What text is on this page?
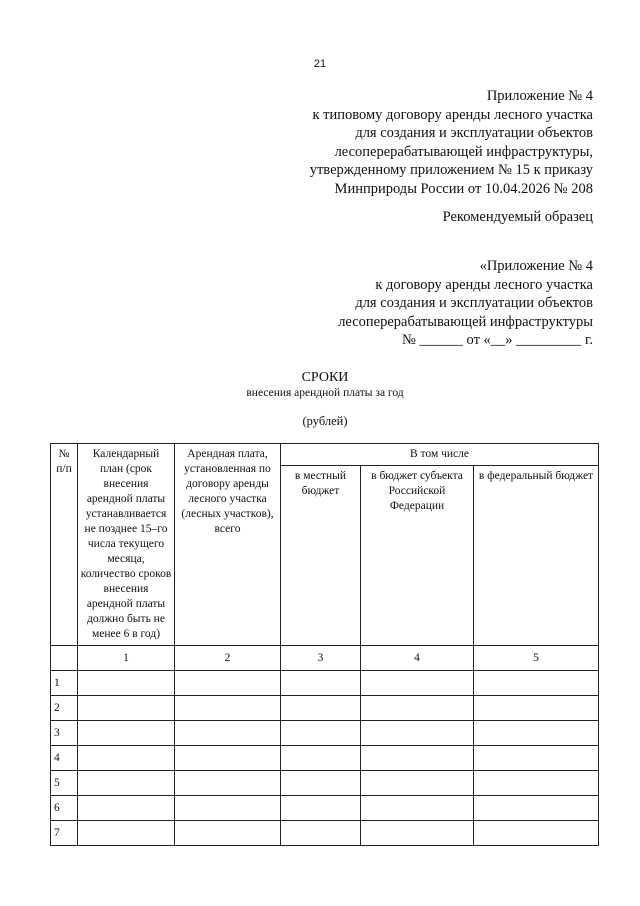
21
Приложение № 4
к типовому договору аренды лесного участка
для создания и эксплуатации объектов
лесоперерабатывающей инфраструктуры,
утвержденному приложением № 15 к приказу
Минприроды России от 10.04.2026 № 208
Рекомендуемый образец
«Приложение № 4
к договору аренды лесного участка
для создания и эксплуатации объектов
лесоперерабатывающей инфраструктуры
№ ______ от «__» _________ г.
СРОКИ
внесения арендной платы за год
(рублей)
№ п/п	Календарный план (срок внесения арендной платы устанавливается не позднее 15–го числа текущего месяца, количество сроков внесения арендной платы должно быть не менее 6 в год)	Арендная плата, установленная по договору аренды лесного участка (лесных участков), всего	В том числе		

			в местный бюджет	в бюджет субъекта Российской Федерации	в федеральный бюджет

	1	2	3	4	5
1					
2					
3					
4					
5					
6					
7					
